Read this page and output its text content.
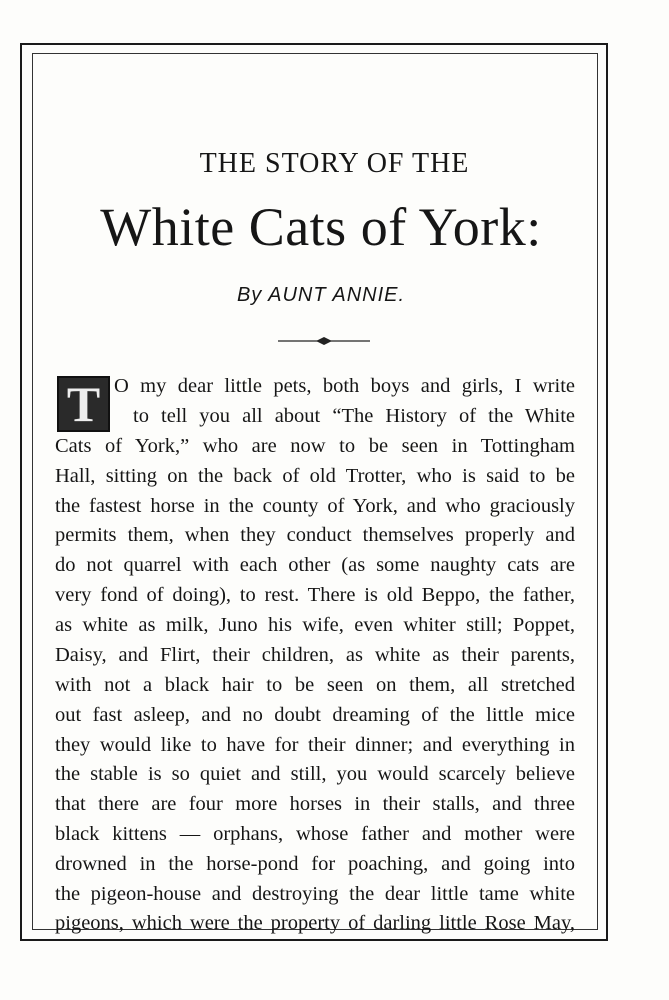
THE STORY OF THE
White Cats of York:
By AUNT ANNIE.
T O my dear little pets, both boys and girls, I write
to tell you all about “The History of the White
Cats of York,” who are now to be seen in Tottingham
Hall, sitting on the back of old Trotter, who is said to be
the fastest horse in the county of York, and who graciously
permits them, when they conduct themselves properly and
do not quarrel with each other (as some naughty cats are
very fond of doing), to rest. There is old Beppo, the father,
as white as milk, Juno his wife, even whiter still; Poppet,
Daisy, and Flirt, their children, as white as their parents,
with not a black hair to be seen on them, all stretched
out fast asleep, and no doubt dreaming of the little mice
they would like to have for their dinner; and everything in
the stable is so quiet and still, you would scarcely believe
that there are four more horses in their stalls, and three
black kittens — orphans, whose father and mother were
drowned in the horse-pond for poaching, and going into
the pigeon-house and destroying the dear little tame white
pigeons, which were the property of darling little Rose May,
